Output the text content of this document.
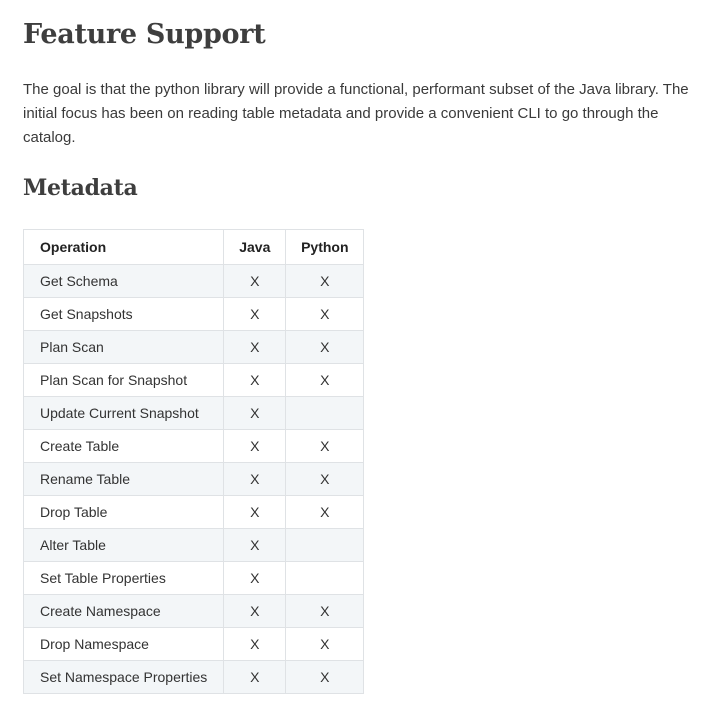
Feature Support

The goal is that the python library will provide a functional, performant subset of the Java library. The initial focus has been on reading table metadata and provide a convenient CLI to go through the catalog.

Metadata
Operation	Java	Python
Get Schema	X	X
Get Snapshots	X	X
Plan Scan	X	X
Plan Scan for Snapshot	X	X
Update Current Snapshot	X	
Create Table	X	X
Rename Table	X	X
Drop Table	X	X
Alter Table	X	
Set Table Properties	X	
Create Namespace	X	X
Drop Namespace	X	X
Set Namespace Properties	X	X
